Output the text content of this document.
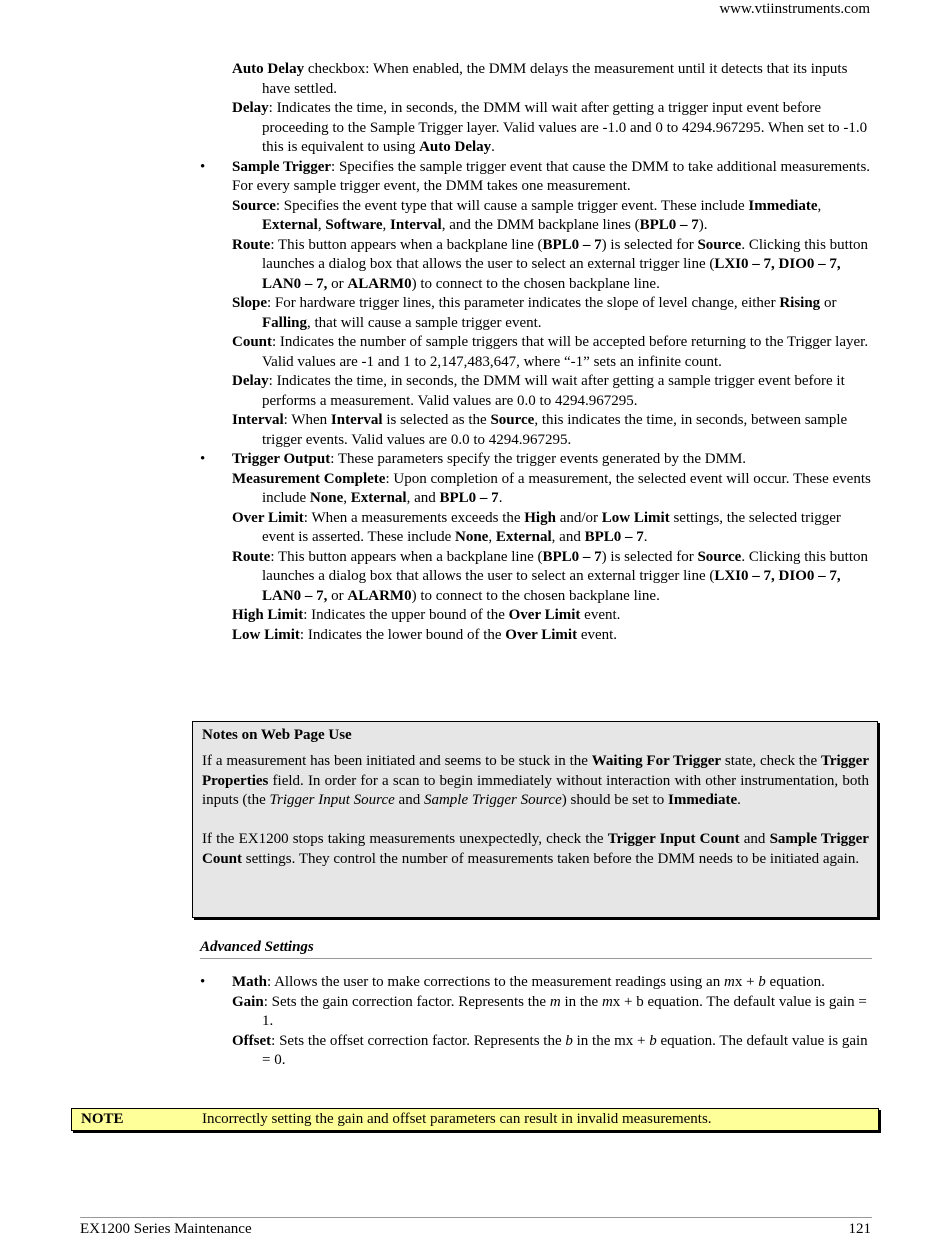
www.vtiinstruments.com
Auto Delay checkbox: When enabled, the DMM delays the measurement until it detects that its inputs have settled.
Delay: Indicates the time, in seconds, the DMM will wait after getting a trigger input event before proceeding to the Sample Trigger layer. Valid values are -1.0 and 0 to 4294.967295. When set to -1.0 this is equivalent to using Auto Delay.
•	Sample Trigger: Specifies the sample trigger event that cause the DMM to take additional measurements. For every sample trigger event, the DMM takes one measurement.
Source: Specifies the event type that will cause a sample trigger event. These include Immediate, External, Software, Interval, and the DMM backplane lines (BPL0 – 7).
Route: This button appears when a backplane line (BPL0 – 7) is selected for Source. Clicking this button launches a dialog box that allows the user to select an external trigger line (LXI0 – 7, DIO0 – 7, LAN0 – 7, or ALARM0) to connect to the chosen backplane line.
Slope: For hardware trigger lines, this parameter indicates the slope of level change, either Rising or Falling, that will cause a sample trigger event.
Count: Indicates the number of sample triggers that will be accepted before returning to the Trigger layer. Valid values are -1 and 1 to 2,147,483,647, where “-1” sets an infinite count.
Delay: Indicates the time, in seconds, the DMM will wait after getting a sample trigger event before it performs a measurement. Valid values are 0.0 to 4294.967295.
Interval: When Interval is selected as the Source, this indicates the time, in seconds, between sample trigger events. Valid values are 0.0 to 4294.967295.
•	Trigger Output: These parameters specify the trigger events generated by the DMM.
Measurement Complete: Upon completion of a measurement, the selected event will occur. These events include None, External, and BPL0 – 7.
Over Limit: When a measurements exceeds the High and/or Low Limit settings, the selected trigger event is asserted. These include None, External, and BPL0 – 7.
Route: This button appears when a backplane line (BPL0 – 7) is selected for Source. Clicking this button launches a dialog box that allows the user to select an external trigger line (LXI0 – 7, DIO0 – 7, LAN0 – 7, or ALARM0) to connect to the chosen backplane line.
High Limit: Indicates the upper bound of the Over Limit event.
Low Limit: Indicates the lower bound of the Over Limit event.
Notes on Web Page Use
If a measurement has been initiated and seems to be stuck in the Waiting For Trigger state, check the Trigger Properties field. In order for a scan to begin immediately without interaction with other instrumentation, both inputs (the Trigger Input Source and Sample Trigger Source) should be set to Immediate.
If the EX1200 stops taking measurements unexpectedly, check the Trigger Input Count and Sample Trigger Count settings. They control the number of measurements taken before the DMM needs to be initiated again.
Advanced Settings
•	Math: Allows the user to make corrections to the measurement readings using an mx + b equation.
Gain: Sets the gain correction factor. Represents the m in the mx + b equation. The default value is gain = 1.
Offset: Sets the offset correction factor. Represents the b in the mx + b equation. The default value is gain = 0.
NOTE	Incorrectly setting the gain and offset parameters can result in invalid measurements.
EX1200 Series Maintenance	121
